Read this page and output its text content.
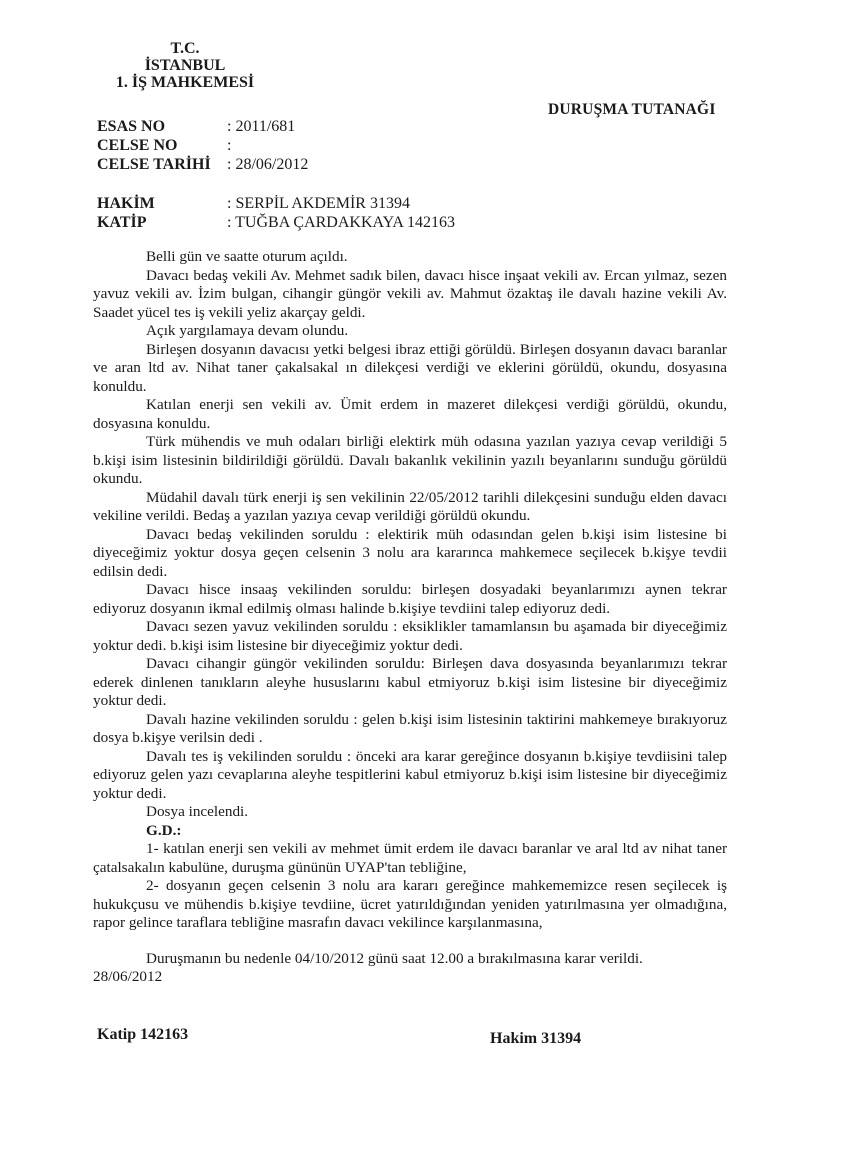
T.C.
İSTANBUL
1. İŞ MAHKEMESİ
DURUŞMA TUTANAĞI
ESAS NO	: 2011/681
CELSE NO	:
CELSE TARİHİ : 28/06/2012
HAKİM	: SERPİL AKDEMİR 31394
KATİP	: TUĞBA ÇARDAKKAYA 142163

Belli gün ve saatte oturum açıldı.

Davacı bedaş vekili Av. Mehmet sadık bilen, davacı hisce inşaat vekili av. Ercan yılmaz, sezen yavuz vekili av. İzim bulgan, cihangir güngör vekili av. Mahmut özaktaş ile davalı hazine vekili Av. Saadet yücel tes iş vekili yeliz akarçay geldi.

Açık yargılamaya devam olundu.

Birleşen dosyanın davacısı yetki belgesi ibraz ettiği görüldü. Birleşen dosyanın davacı baranlar ve aran ltd av. Nihat taner çakalsakal ın dilekçesi verdiği ve eklerini görüldü, okundu, dosyasına konuldu.

Katılan enerji sen vekili av. Ümit erdem in mazeret dilekçesi verdiği görüldü, okundu, dosyasına konuldu.

Türk mühendis ve muh odaları birliği elektirk müh odasına yazılan yazıya cevap verildiği 5 b.kişi isim listesinin bildirildiği görüldü. Davalı bakanlık vekilinin yazılı beyanlarını sunduğu görüldü okundu.

Müdahil davalı türk enerji iş sen vekilinin 22/05/2012 tarihli dilekçesini sunduğu elden davacı vekiline verildi. Bedaş a yazılan yazıya cevap verildiği görüldü okundu.

Davacı bedaş vekilinden soruldu : elektirik müh odasından gelen b.kişi isim listesine bi diyeceğimiz yoktur dosya geçen celsenin 3 nolu ara kararınca mahkemece seçilecek b.kişye tevdii edilsin dedi.

Davacı hisce insaaş vekilinden soruldu: birleşen dosyadaki beyanlarımızı aynen tekrar ediyoruz dosyanın ikmal edilmiş olması halinde b.kişiye tevdiini talep ediyoruz dedi.

Davacı sezen yavuz vekilinden soruldu : eksiklikler tamamlansın bu aşamada bir diyeceğimiz yoktur dedi. b.kişi isim listesine bir diyeceğimiz yoktur dedi.

Davacı cihangir güngör vekilinden soruldu: Birleşen dava dosyasında beyanlarımızı tekrar ederek dinlenen tanıkların aleyhe hususlarını kabul etmiyoruz b.kişi isim listesine bir diyeceğimiz yoktur dedi.

Davalı hazine vekilinden soruldu : gelen b.kişi isim listesinin taktirini mahkemeye bırakıyoruz dosya b.kişye verilsin dedi .

Davalı tes iş vekilinden soruldu : önceki ara karar gereğince dosyanın b.kişiye tevdiisini talep ediyoruz gelen yazı cevaplarına aleyhe tespitlerini kabul etmiyoruz b.kişi isim listesine bir diyeceğimiz yoktur dedi.

Dosya incelendi.

G.D.:

1- katılan enerji sen vekili av mehmet ümit erdem ile davacı baranlar ve aral ltd av nihat taner çatalsakalın kabulüne, duruşma gününün UYAP'tan tebliğine,

2- dosyanın geçen celsenin 3 nolu ara kararı gereğince mahkememizce resen seçilecek iş hukukçusu ve mühendis b.kişiye tevdiine, ücret yatırıldığından yeniden yatırılmasına yer olmadığına, rapor gelince taraflara tebliğine masrafın davacı vekilince karşılanmasına,

Duruşmanın bu nedenle 04/10/2012 günü saat 12.00 a bırakılmasına karar verildi.

28/06/2012

Katip 142163	Hakim 31394
